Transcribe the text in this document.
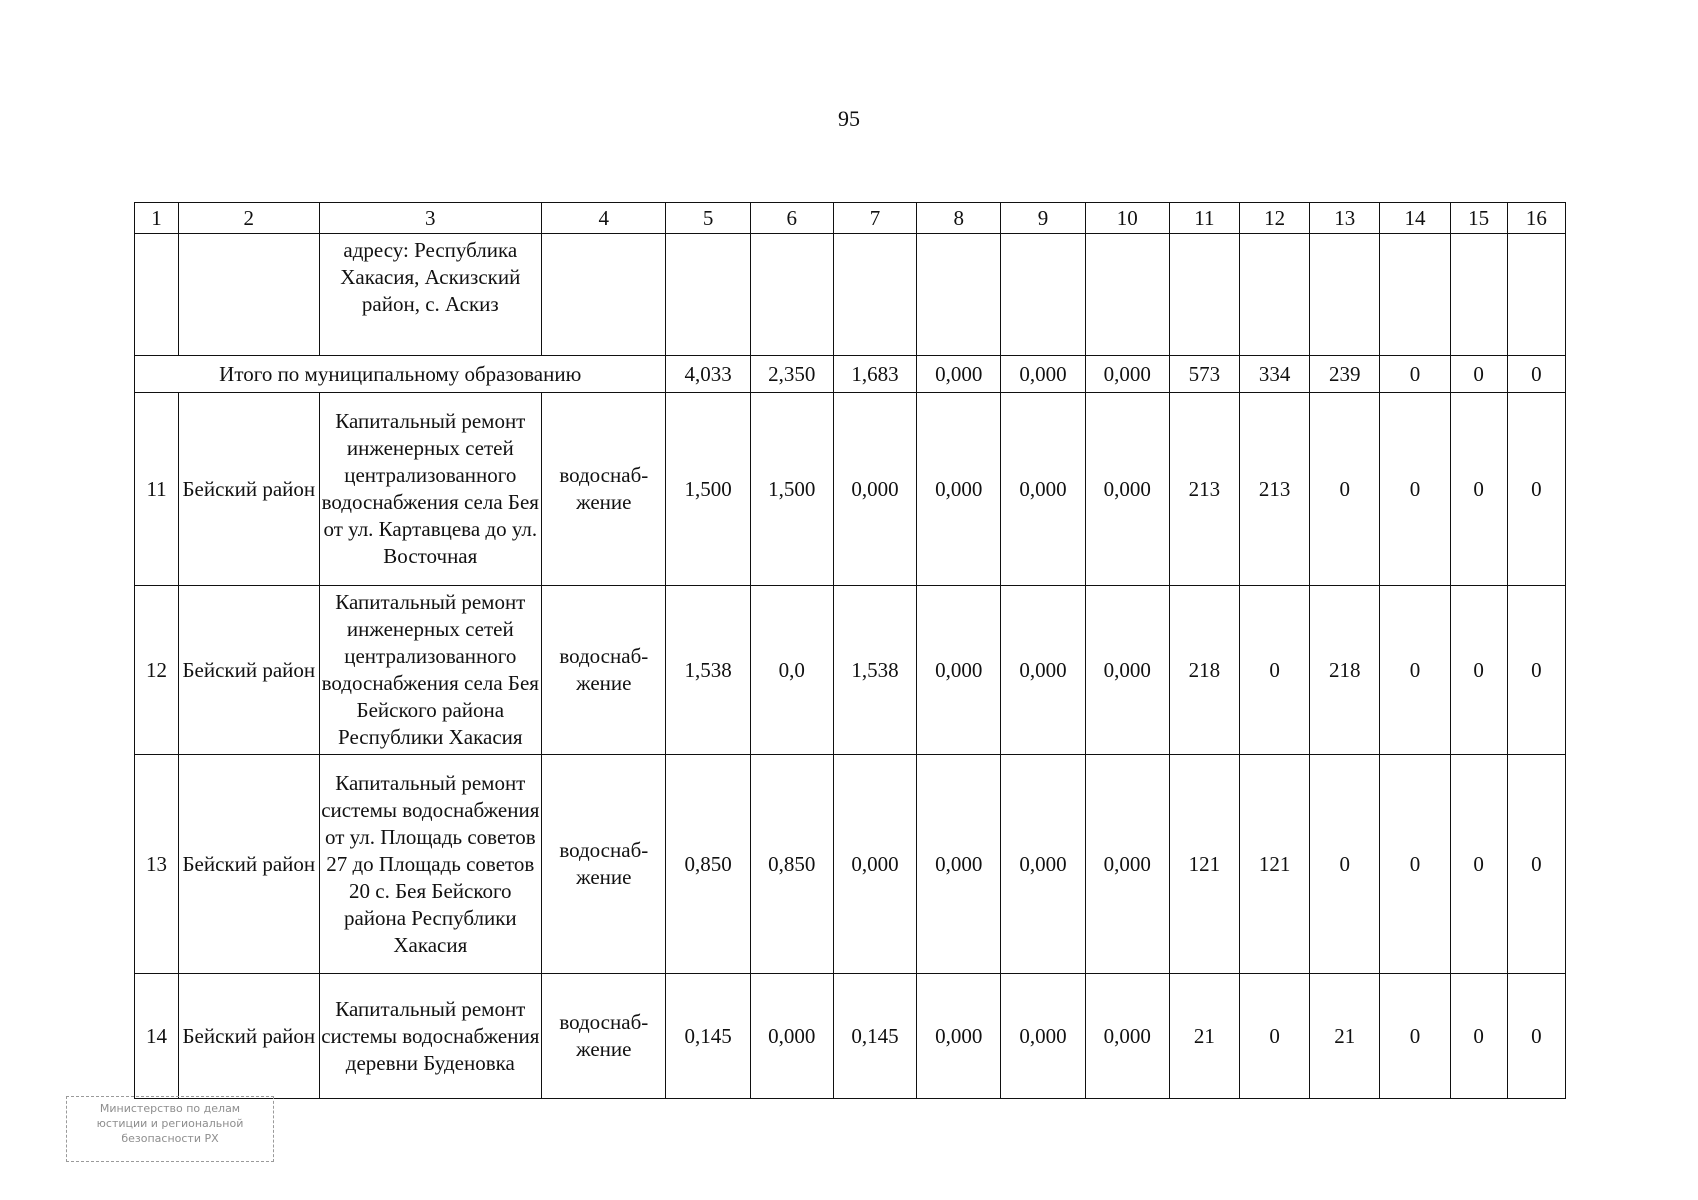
95
1	2	3	4	5	6	7	8	9	10	11	12	13	14	15	16
		адресу: Республика Хакасия, Аскизский район, с. Аскиз													
Итого по муниципальному образованию				4,033	2,350	1,683	0,000	0,000	0,000	573	334	239	0	0	0
11	Бейский район	Капитальный ремонт инженерных сетей централизованного водоснабжения села Бея от ул. Картавцева до ул. Восточная	водоснаб-жение	1,500	1,500	0,000	0,000	0,000	0,000	213	213	0	0	0	0
12	Бейский район	Капитальный ремонт инженерных сетей централизованного водоснабжения села Бея Бейского района Республики Хакасия	водоснаб-жение	1,538	0,0	1,538	0,000	0,000	0,000	218	0	218	0	0	0
13	Бейский район	Капитальный ремонт системы водоснабжения от ул. Площадь советов 27 до Площадь советов 20 с. Бея Бейского района Республики Хакасия	водоснаб-жение	0,850	0,850	0,000	0,000	0,000	0,000	121	121	0	0	0	0
14	Бейский район	Капитальный ремонт системы водоснабжения деревни Буденовка	водоснаб-жение	0,145	0,000	0,145	0,000	0,000	0,000	21	0	21	0	0	0
Министерство по делам
юстиции и региональной
безопасности РХ
